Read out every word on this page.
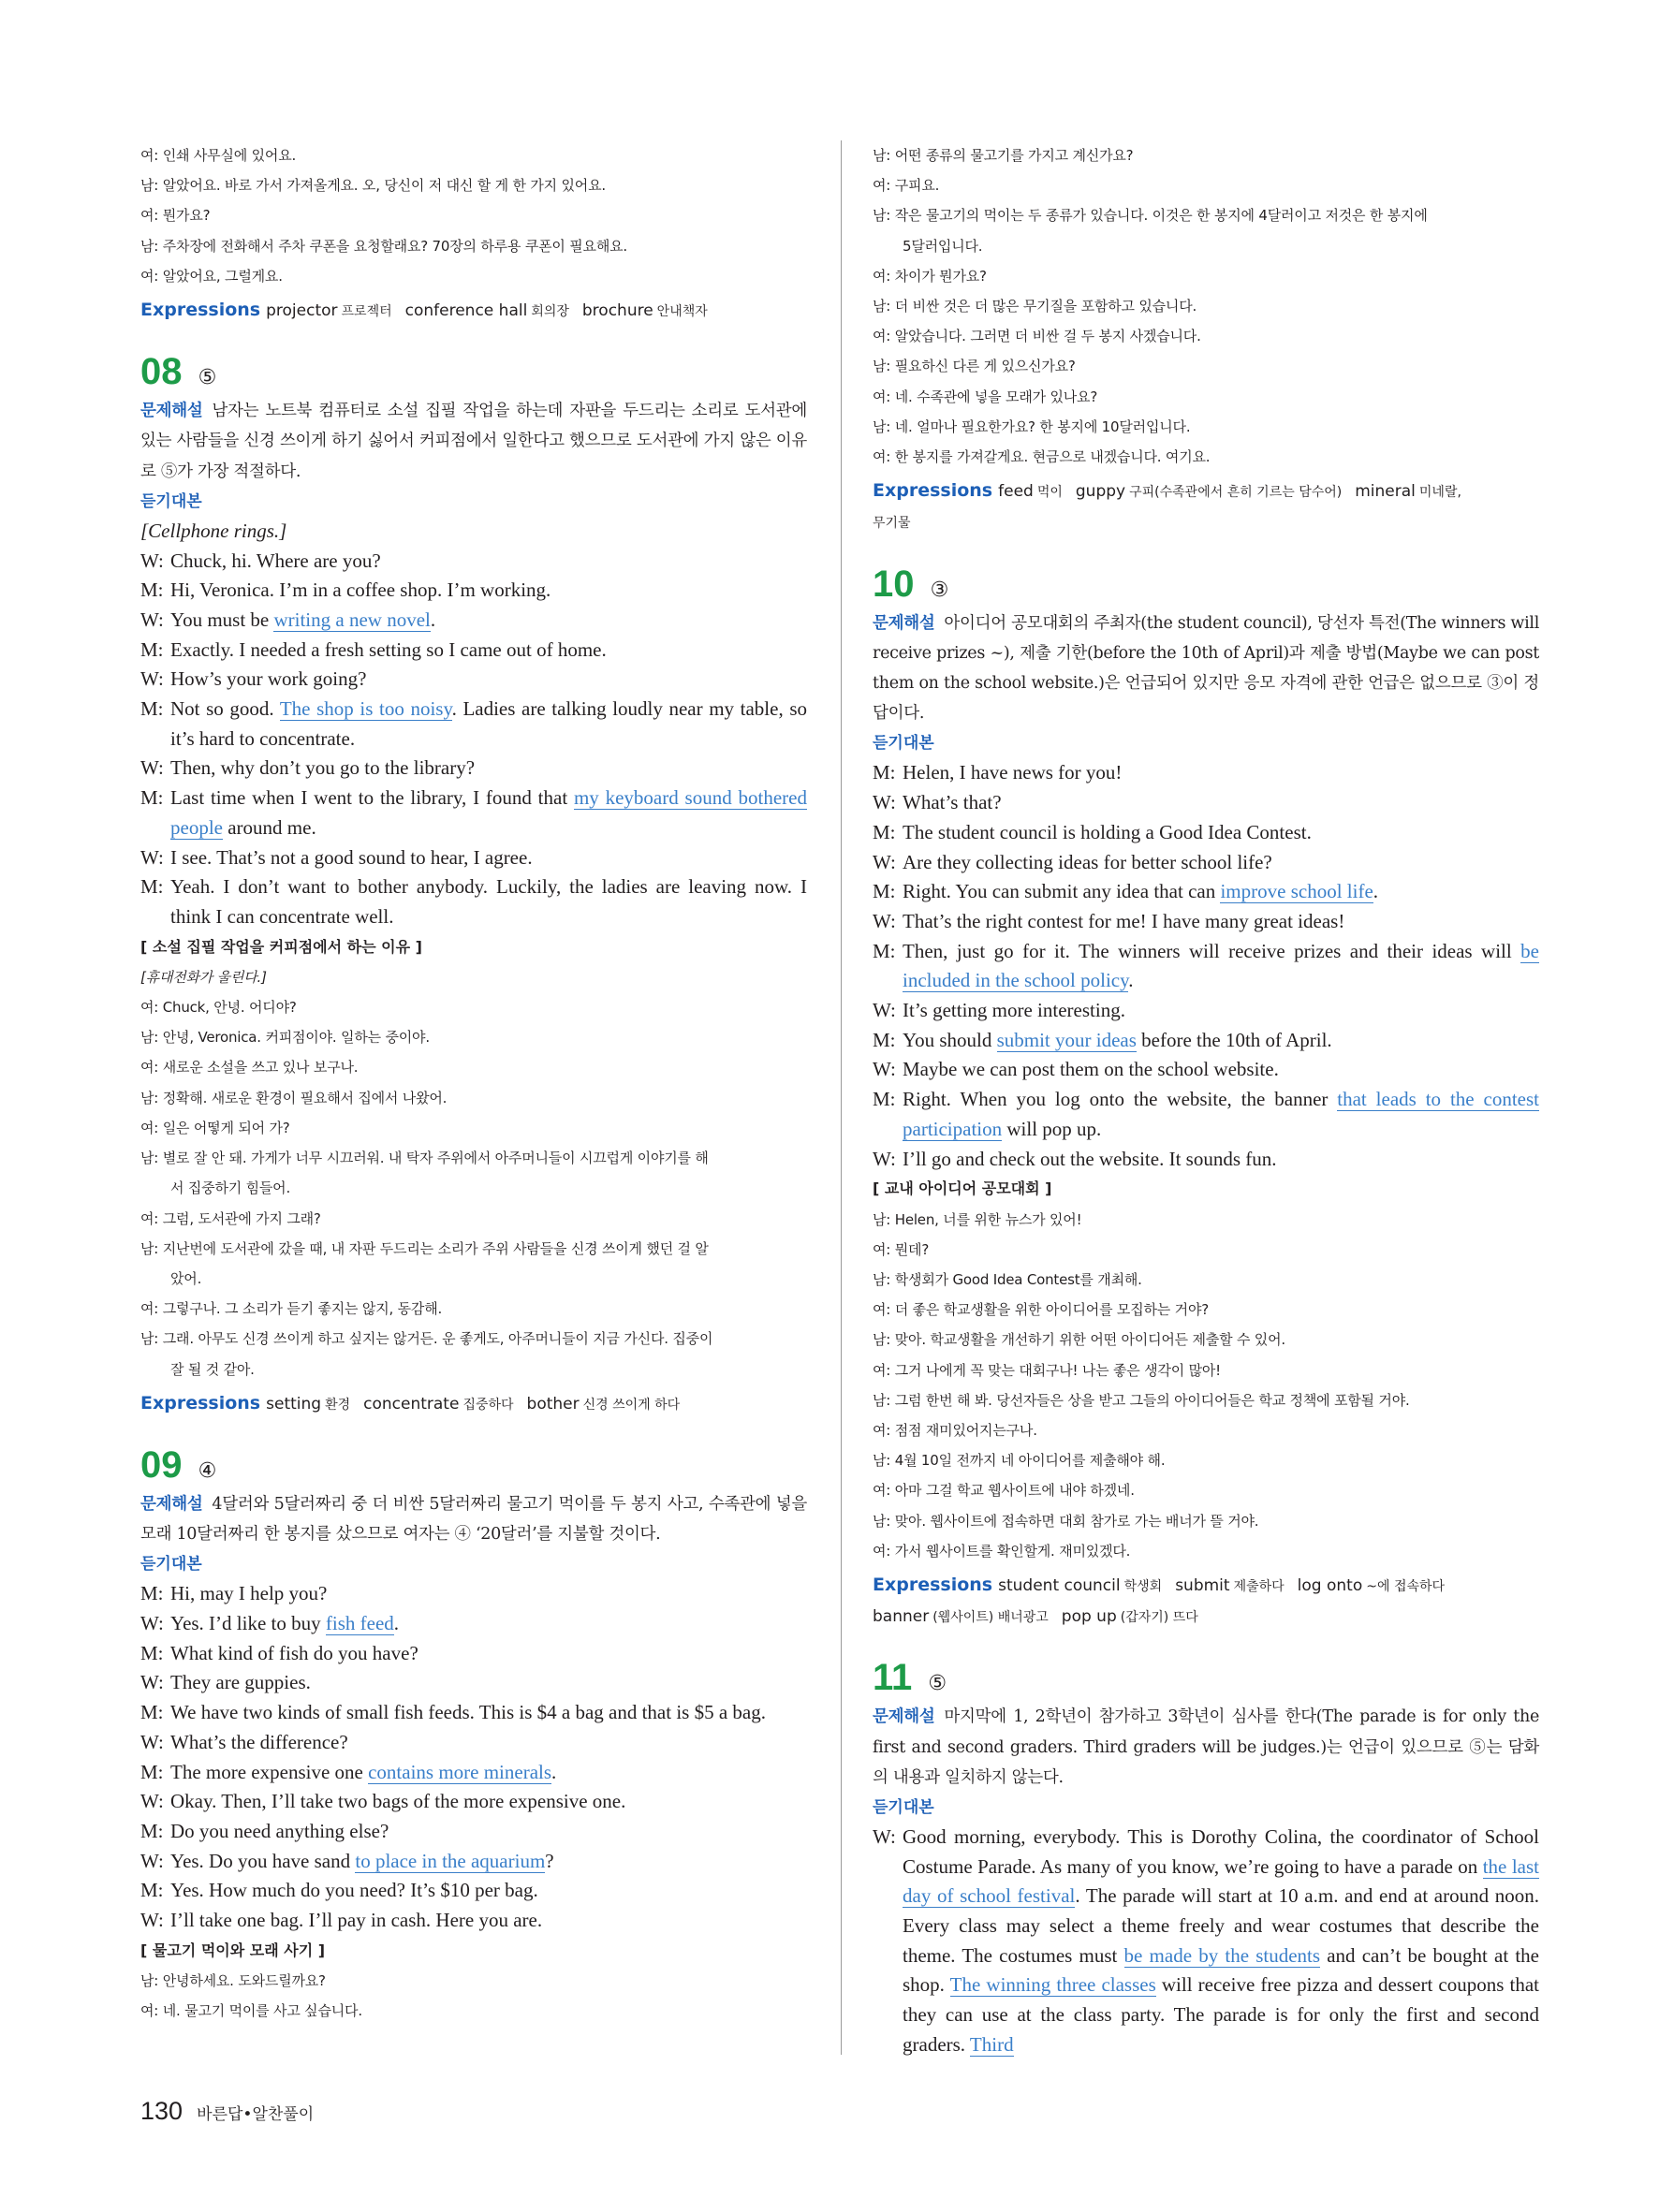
여: 인쇄 사무실에 있어요.
남: 알았어요. 바로 가서 가져올게요. 오, 당신이 저 대신 할 게 한 가지 있어요.
여: 뭔가요?
남: 주차장에 전화해서 주차 쿠폰을 요청할래요? 70장의 하루용 쿠폰이 필요해요.
여: 알았어요, 그럴게요.
Expressions projector 프로젝터 conference hall 회의장 brochure 안내책자
08 ⑤
문제해설 남자는 노트북 컴퓨터로 소설 집필 작업을 하는데 자판을 두드리는 소리로 도서관에 있는 사람들을 신경 쓰이게 하기 싫어서 커피점에서 일한다고 했으므로 도서관에 가지 않은 이유로 ⑤가 가장 적절하다.
듣기대본
[Cellphone rings.]
W: Chuck, hi. Where are you?
M: Hi, Veronica. I’m in a coffee shop. I’m working.
W: You must be writing a new novel.
M: Exactly. I needed a fresh setting so I came out of home.
W: How’s your work going?
M: Not so good. The shop is too noisy. Ladies are talking loudly near my table, so it’s hard to concentrate.
W: Then, why don’t you go to the library?
M: Last time when I went to the library, I found that my keyboard sound bothered people around me.
W: I see. That’s not a good sound to hear, I agree.
M: Yeah. I don’t want to bother anybody. Luckily, the ladies are leaving now. I think I can concentrate well.
[ 소설 집필 작업을 커피점에서 하는 이유 ]
[휴대전화가 울린다.]
여: Chuck, 안녕. 어디야?
남: 안녕, Veronica. 커피점이야. 일하는 중이야.
여: 새로운 소설을 쓰고 있나 보구나.
남: 정확해. 새로운 환경이 필요해서 집에서 나왔어.
여: 일은 어떻게 되어 가?
남: 별로 잘 안 돼. 가게가 너무 시끄러워. 내 탁자 주위에서 아주머니들이 시끄럽게 이야기를 해
서 집중하기 힘들어.
여: 그럼, 도서관에 가지 그래?
남: 지난번에 도서관에 갔을 때, 내 자판 두드리는 소리가 주위 사람들을 신경 쓰이게 했던 걸 알
았어.
여: 그렇구나. 그 소리가 듣기 좋지는 않지, 동감해.
남: 그래. 아무도 신경 쓰이게 하고 싶지는 않거든. 운 좋게도, 아주머니들이 지금 가신다. 집중이
잘 될 것 같아.
Expressions setting 환경 concentrate 집중하다 bother 신경 쓰이게 하다
09 ④
문제해설 4달러와 5달러짜리 중 더 비싼 5달러짜리 물고기 먹이를 두 봉지 사고, 수족관에 넣을 모래 10달러짜리 한 봉지를 샀으므로 여자는 ④ ‘20달러’를 지불할 것이다.
듣기대본
M: Hi, may I help you?
W: Yes. I’d like to buy fish feed.
M: What kind of fish do you have?
W: They are guppies.
M: We have two kinds of small fish feeds. This is $4 a bag and that is $5 a bag.
W: What’s the difference?
M: The more expensive one contains more minerals.
W: Okay. Then, I’ll take two bags of the more expensive one.
M: Do you need anything else?
W: Yes. Do you have sand to place in the aquarium?
M: Yes. How much do you need? It’s $10 per bag.
W: I’ll take one bag. I’ll pay in cash. Here you are.
[ 물고기 먹이와 모래 사기 ]
남: 안녕하세요. 도와드릴까요?
여: 네. 물고기 먹이를 사고 싶습니다.
남: 어떤 종류의 물고기를 가지고 계신가요?
여: 구피요.
남: 작은 물고기의 먹이는 두 종류가 있습니다. 이것은 한 봉지에 4달러이고 저것은 한 봉지에
5달러입니다.
여: 차이가 뭔가요?
남: 더 비싼 것은 더 많은 무기질을 포함하고 있습니다.
여: 알았습니다. 그러면 더 비싼 걸 두 봉지 사겠습니다.
남: 필요하신 다른 게 있으신가요?
여: 네. 수족관에 넣을 모래가 있나요?
남: 네. 얼마나 필요한가요? 한 봉지에 10달러입니다.
여: 한 봉지를 가져갈게요. 현금으로 내겠습니다. 여기요.
Expressions feed 먹이 guppy 구피(수족관에서 흔히 기르는 담수어) mineral 미네랄,
무기물
10 ③
문제해설 아이디어 공모대회의 주최자(the student council), 당선자 특전(The winners will receive prizes ~), 제출 기한(before the 10th of April)과 제출 방법(Maybe we can post them on the school website.)은 언급되어 있지만 응모 자격에 관한 언급은 없으므로 ③이 정답이다.
듣기대본
M: Helen, I have news for you!
W: What’s that?
M: The student council is holding a Good Idea Contest.
W: Are they collecting ideas for better school life?
M: Right. You can submit any idea that can improve school life.
W: That’s the right contest for me! I have many great ideas!
M: Then, just go for it. The winners will receive prizes and their ideas will be included in the school policy.
W: It’s getting more interesting.
M: You should submit your ideas before the 10th of April.
W: Maybe we can post them on the school website.
M: Right. When you log onto the website, the banner that leads to the contest participation will pop up.
W: I’ll go and check out the website. It sounds fun.
[ 교내 아이디어 공모대회 ]
남: Helen, 너를 위한 뉴스가 있어!
여: 뭔데?
남: 학생회가 Good Idea Contest를 개최해.
여: 더 좋은 학교생활을 위한 아이디어를 모집하는 거야?
남: 맞아. 학교생활을 개선하기 위한 어떤 아이디어든 제출할 수 있어.
여: 그거 나에게 꼭 맞는 대회구나! 나는 좋은 생각이 많아!
남: 그럼 한번 해 봐. 당선자들은 상을 받고 그들의 아이디어들은 학교 정책에 포함될 거야.
여: 점점 재미있어지는구나.
남: 4월 10일 전까지 네 아이디어를 제출해야 해.
여: 아마 그걸 학교 웹사이트에 내야 하겠네.
남: 맞아. 웹사이트에 접속하면 대회 참가로 가는 배너가 뜰 거야.
여: 가서 웹사이트를 확인할게. 재미있겠다.
Expressions student council 학생회 submit 제출하다 log onto ~에 접속하다
banner (웹사이트) 배너광고 pop up (갑자기) 뜨다
11 ⑤
문제해설 마지막에 1, 2학년이 참가하고 3학년이 심사를 한다(The parade is for only the first and second graders. Third graders will be judges.)는 언급이 있으므로 ⑤는 담화의 내용과 일치하지 않는다.
듣기대본
W: Good morning, everybody. This is Dorothy Colina, the coordinator of School Costume Parade. As many of you know, we’re going to have a parade on the last day of school festival. The parade will start at 10 a.m. and end at around noon. Every class may select a theme freely and wear costumes that describe the theme. The costumes must be made by the students and can’t be bought at the shop. The winning three classes will receive free pizza and dessert coupons that they can use at the class party. The parade is for only the first and second graders. Third
130 바른답•알찬풀이
